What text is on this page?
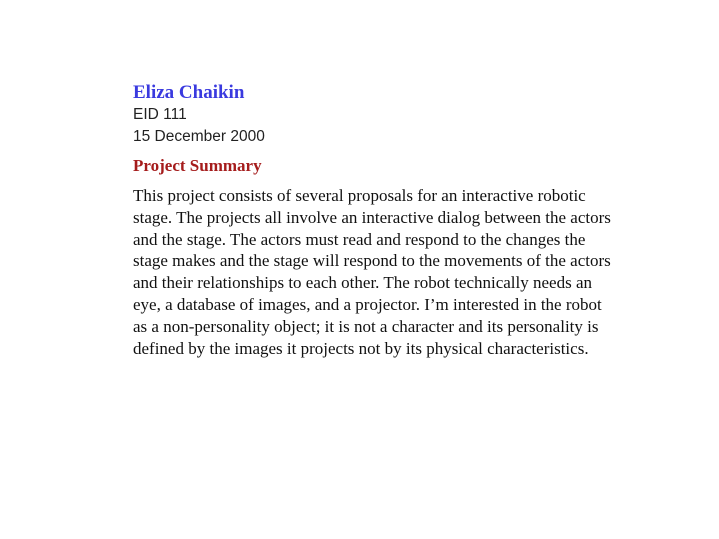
Eliza Chaikin
EID 111
15 December 2000
Project Summary

This project consists of several proposals for an interactive robotic stage. The projects all involve an interactive dialog between the actors and the stage. The actors must read and respond to the changes the stage makes and the stage will respond to the movements of the actors and their relationships to each other. The robot technically needs an eye, a database of images, and a projector. I’m interested in the robot as a non-personality object; it is not a character and its personality is defined by the images it projects not by its physical characteristics.
